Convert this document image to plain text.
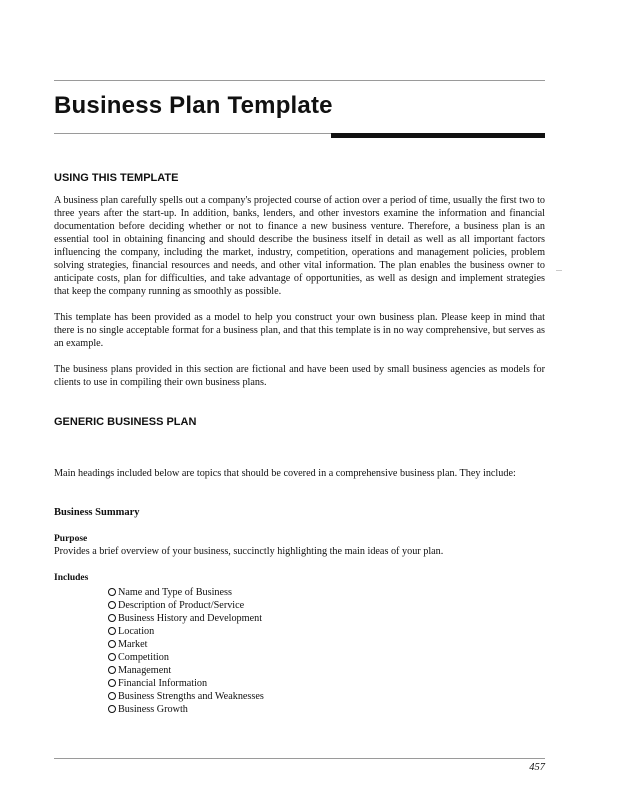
Business Plan Template
USING THIS TEMPLATE

A business plan carefully spells out a company's projected course of action over a period of time, usually the first two to three years after the start-up. In addition, banks, lenders, and other investors examine the information and financial documentation before deciding whether or not to finance a new business venture. Therefore, a business plan is an essential tool in obtaining financing and should describe the business itself in detail as well as all important factors influencing the company, including the market, industry, competition, operations and management policies, problem solving strategies, financial resources and needs, and other vital information. The plan enables the business owner to anticipate costs, plan for difficulties, and take advantage of opportunities, as well as design and implement strategies that keep the company running as smoothly as possible.

...

This template has been provided as a model to help you construct your own business plan. Please keep in mind that there is no single acceptable format for a business plan, and that this template is in no way comprehensive, but serves as an example.

The business plans provided in this section are fictional and have been used by small business agencies as models for clients to use in compiling their own business plans.

GENERIC BUSINESS PLAN

Main headings included below are topics that should be covered in a comprehensive business plan. They include:

Business Summary
Purpose

Provides a brief overview of your business, succinctly highlighting the main ideas of your plan.

Includes
Name and Type of Business
Description of Product/Service
Business History and Development
Location
Market
Competition
Management
Financial Information
Business Strengths and Weaknesses
Business Growth

457
